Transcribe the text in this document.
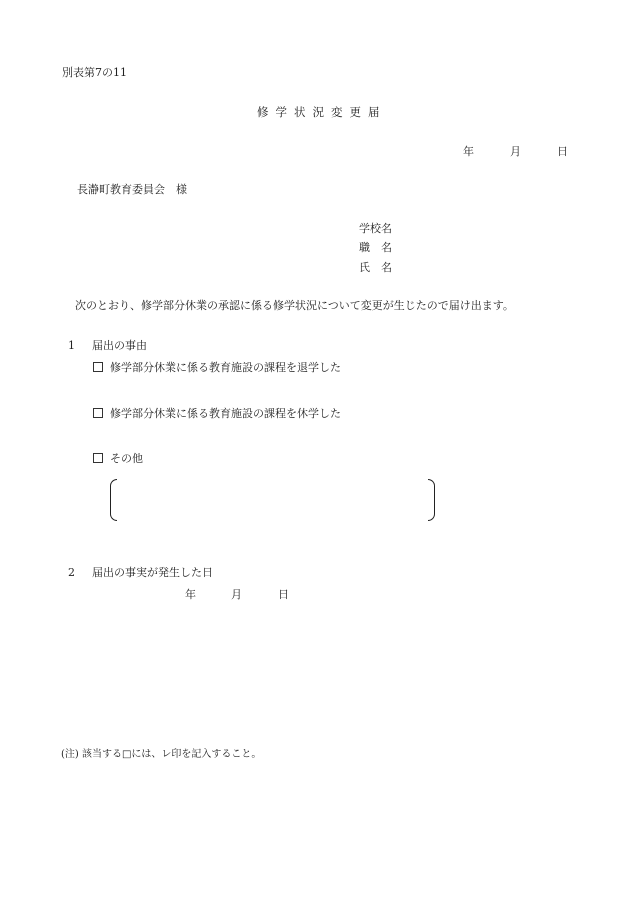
別表第7の11
修学状況変更届
年	月	日
長瀞町教育委員会　様
学校名
職　名
氏　名
次のとおり、修学部分休業の承認に係る修学状況について変更が生じたので届け出ます。
1 届出の事由
修学部分休業に係る教育施設の課程を退学した
修学部分休業に係る教育施設の課程を休学した
その他
2 届出の事実が発生した日
年	月	日
(注) 該当する□には、レ印を記入すること。
